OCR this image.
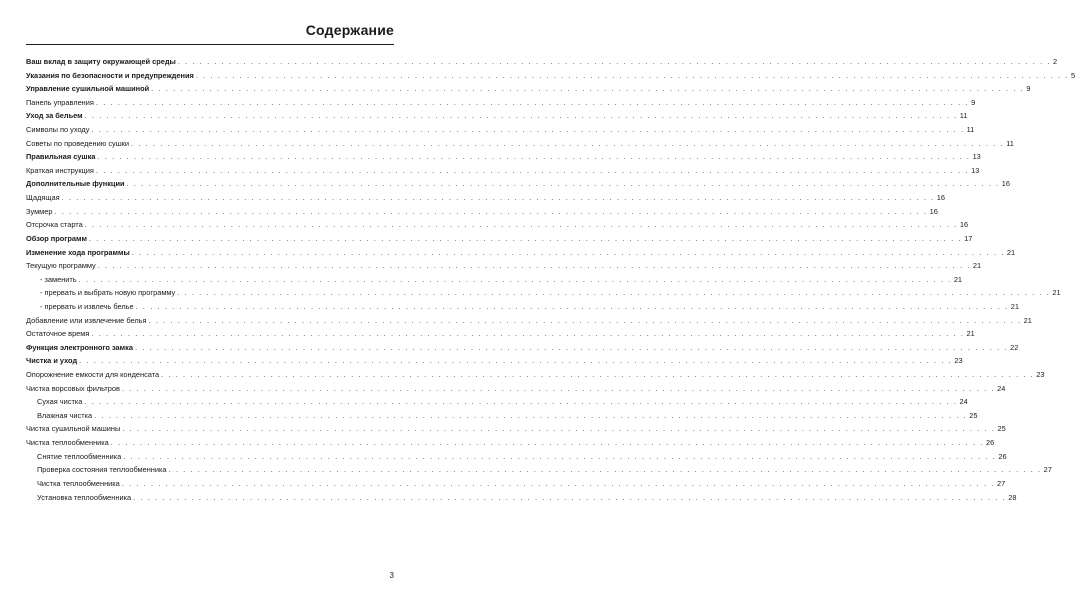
Содержание
Ваш вклад в защиту окружающей среды . . . . . . . . . . . . . . . . . . . . . . . . . . . . . . . . . . . . . . . . . . . . . . . . . . . . . . . . . . . . . . . . . . . . . . . . . . . . . . . . . . . . . . . . . . . . . . . . . . . . . . . . . . . . . . . . . . . . . . . . 2
Указания по безопасности и предупреждения . . . . . . . . . . . . . . . . . . . . . . . . . . . . . . . . . . . . . . . . . . . . . . . . . . . . . . . . . . . . . . . . . . . . . . . . . . . . . . . . . . . . . . . . . . . . . . . . . . . . . . . . . . . . . . . . . . . . . . . . 5
Управление сушильной машиной . . . . . . . . . . . . . . . . . . . . . . . . . . . . . . . . . . . . . . . . . . . . . . . . . . . . . . . . . . . . . . . . . . . . . . . . . . . . . . . . . . . . . . . . . . . . . . . . . . . . . . . . . . . . . . . . . . . . . . . . 9
Панель управления . . . . . . . . . . . . . . . . . . . . . . . . . . . . . . . . . . . . . . . . . . . . . . . . . . . . . . . . . . . . . . . . . . . . . . . . . . . . . . . . . . . . . . . . . . . . . . . . . . . . . . . . . . . . . . . . . . . . . . . . 9
Уход за бельем . . . . . . . . . . . . . . . . . . . . . . . . . . . . . . . . . . . . . . . . . . . . . . . . . . . . . . . . . . . . . . . . . . . . . . . . . . . . . . . . . . . . . . . . . . . . . . . . . . . . . . . . . . . . . . . . . . . . . . . . 11
Символы по уходу . . . . . . . . . . . . . . . . . . . . . . . . . . . . . . . . . . . . . . . . . . . . . . . . . . . . . . . . . . . . . . . . . . . . . . . . . . . . . . . . . . . . . . . . . . . . . . . . . . . . . . . . . . . . . . . . . . . . . . . . 11
Советы по проведению сушки . . . . . . . . . . . . . . . . . . . . . . . . . . . . . . . . . . . . . . . . . . . . . . . . . . . . . . . . . . . . . . . . . . . . . . . . . . . . . . . . . . . . . . . . . . . . . . . . . . . . . . . . . . . . . . . . . . . . . . . . 11
Правильная сушка . . . . . . . . . . . . . . . . . . . . . . . . . . . . . . . . . . . . . . . . . . . . . . . . . . . . . . . . . . . . . . . . . . . . . . . . . . . . . . . . . . . . . . . . . . . . . . . . . . . . . . . . . . . . . . . . . . . . . . . . 13
Краткая инструкция . . . . . . . . . . . . . . . . . . . . . . . . . . . . . . . . . . . . . . . . . . . . . . . . . . . . . . . . . . . . . . . . . . . . . . . . . . . . . . . . . . . . . . . . . . . . . . . . . . . . . . . . . . . . . . . . . . . . . . . . 13
Дополнительные функции . . . . . . . . . . . . . . . . . . . . . . . . . . . . . . . . . . . . . . . . . . . . . . . . . . . . . . . . . . . . . . . . . . . . . . . . . . . . . . . . . . . . . . . . . . . . . . . . . . . . . . . . . . . . . . . . . . . . . . . . 16
Щадящая . . . . . . . . . . . . . . . . . . . . . . . . . . . . . . . . . . . . . . . . . . . . . . . . . . . . . . . . . . . . . . . . . . . . . . . . . . . . . . . . . . . . . . . . . . . . . . . . . . . . . . . . . . . . . . . . . . . . . . . . 16
Зуммер . . . . . . . . . . . . . . . . . . . . . . . . . . . . . . . . . . . . . . . . . . . . . . . . . . . . . . . . . . . . . . . . . . . . . . . . . . . . . . . . . . . . . . . . . . . . . . . . . . . . . . . . . . . . . . . . . . . . . . . . 16
Отсрочка старта . . . . . . . . . . . . . . . . . . . . . . . . . . . . . . . . . . . . . . . . . . . . . . . . . . . . . . . . . . . . . . . . . . . . . . . . . . . . . . . . . . . . . . . . . . . . . . . . . . . . . . . . . . . . . . . . . . . . . . . . 16
Обзор программ . . . . . . . . . . . . . . . . . . . . . . . . . . . . . . . . . . . . . . . . . . . . . . . . . . . . . . . . . . . . . . . . . . . . . . . . . . . . . . . . . . . . . . . . . . . . . . . . . . . . . . . . . . . . . . . . . . . . . . . . 17
Изменение хода программы . . . . . . . . . . . . . . . . . . . . . . . . . . . . . . . . . . . . . . . . . . . . . . . . . . . . . . . . . . . . . . . . . . . . . . . . . . . . . . . . . . . . . . . . . . . . . . . . . . . . . . . . . . . . . . . . . . . . . . . . 21
Текущую программу . . . . . . . . . . . . . . . . . . . . . . . . . . . . . . . . . . . . . . . . . . . . . . . . . . . . . . . . . . . . . . . . . . . . . . . . . . . . . . . . . . . . . . . . . . . . . . . . . . . . . . . . . . . . . . . . . . . . . . . . 21
- заменить . . . . . . . . . . . . . . . . . . . . . . . . . . . . . . . . . . . . . . . . . . . . . . . . . . . . . . . . . . . . . . . . . . . . . . . . . . . . . . . . . . . . . . . . . . . . . . . . . . . . . . . . . . . . . . . . . . . . . . . . 21
- прервать и выбрать новую программу . . . . . . . . . . . . . . . . . . . . . . . . . . . . . . . . . . . . . . . . . . . . . . . . . . . . . . . . . . . . . . . . . . . . . . . . . . . . . . . . . . . . . . . . . . . . . . . . . . . . . . . . . . . . . . . . . . . . . . . . 21
- прервать и извлечь белье . . . . . . . . . . . . . . . . . . . . . . . . . . . . . . . . . . . . . . . . . . . . . . . . . . . . . . . . . . . . . . . . . . . . . . . . . . . . . . . . . . . . . . . . . . . . . . . . . . . . . . . . . . . . . . . . . . . . . . . . 21
Добавление или извлечение белья . . . . . . . . . . . . . . . . . . . . . . . . . . . . . . . . . . . . . . . . . . . . . . . . . . . . . . . . . . . . . . . . . . . . . . . . . . . . . . . . . . . . . . . . . . . . . . . . . . . . . . . . . . . . . . . . . . . . . . . . 21
Остаточное время . . . . . . . . . . . . . . . . . . . . . . . . . . . . . . . . . . . . . . . . . . . . . . . . . . . . . . . . . . . . . . . . . . . . . . . . . . . . . . . . . . . . . . . . . . . . . . . . . . . . . . . . . . . . . . . . . . . . . . . . 21
Функция электронного замка . . . . . . . . . . . . . . . . . . . . . . . . . . . . . . . . . . . . . . . . . . . . . . . . . . . . . . . . . . . . . . . . . . . . . . . . . . . . . . . . . . . . . . . . . . . . . . . . . . . . . . . . . . . . . . . . . . . . . . . . 22
Чистка и уход . . . . . . . . . . . . . . . . . . . . . . . . . . . . . . . . . . . . . . . . . . . . . . . . . . . . . . . . . . . . . . . . . . . . . . . . . . . . . . . . . . . . . . . . . . . . . . . . . . . . . . . . . . . . . . . . . . . . . . . . 23
Опорожнение емкости для конденсата . . . . . . . . . . . . . . . . . . . . . . . . . . . . . . . . . . . . . . . . . . . . . . . . . . . . . . . . . . . . . . . . . . . . . . . . . . . . . . . . . . . . . . . . . . . . . . . . . . . . . . . . . . . . . . . . . . . . . . . . 23
Чистка ворсовых фильтров . . . . . . . . . . . . . . . . . . . . . . . . . . . . . . . . . . . . . . . . . . . . . . . . . . . . . . . . . . . . . . . . . . . . . . . . . . . . . . . . . . . . . . . . . . . . . . . . . . . . . . . . . . . . . . . . . . . . . . . . 24
Сухая чистка . . . . . . . . . . . . . . . . . . . . . . . . . . . . . . . . . . . . . . . . . . . . . . . . . . . . . . . . . . . . . . . . . . . . . . . . . . . . . . . . . . . . . . . . . . . . . . . . . . . . . . . . . . . . . . . . . . . . . . . . 24
Влажная чистка . . . . . . . . . . . . . . . . . . . . . . . . . . . . . . . . . . . . . . . . . . . . . . . . . . . . . . . . . . . . . . . . . . . . . . . . . . . . . . . . . . . . . . . . . . . . . . . . . . . . . . . . . . . . . . . . . . . . . . . . 25
Чистка сушильной машины . . . . . . . . . . . . . . . . . . . . . . . . . . . . . . . . . . . . . . . . . . . . . . . . . . . . . . . . . . . . . . . . . . . . . . . . . . . . . . . . . . . . . . . . . . . . . . . . . . . . . . . . . . . . . . . . . . . . . . . . 25
Чистка теплообменника . . . . . . . . . . . . . . . . . . . . . . . . . . . . . . . . . . . . . . . . . . . . . . . . . . . . . . . . . . . . . . . . . . . . . . . . . . . . . . . . . . . . . . . . . . . . . . . . . . . . . . . . . . . . . . . . . . . . . . . . 26
Снятие теплообменника . . . . . . . . . . . . . . . . . . . . . . . . . . . . . . . . . . . . . . . . . . . . . . . . . . . . . . . . . . . . . . . . . . . . . . . . . . . . . . . . . . . . . . . . . . . . . . . . . . . . . . . . . . . . . . . . . . . . . . . . 26
Проверка состояния теплообменника . . . . . . . . . . . . . . . . . . . . . . . . . . . . . . . . . . . . . . . . . . . . . . . . . . . . . . . . . . . . . . . . . . . . . . . . . . . . . . . . . . . . . . . . . . . . . . . . . . . . . . . . . . . . . . . . . . . . . . . . 27
Чистка теплообменника . . . . . . . . . . . . . . . . . . . . . . . . . . . . . . . . . . . . . . . . . . . . . . . . . . . . . . . . . . . . . . . . . . . . . . . . . . . . . . . . . . . . . . . . . . . . . . . . . . . . . . . . . . . . . . . . . . . . . . . . 27
Установка теплообменника . . . . . . . . . . . . . . . . . . . . . . . . . . . . . . . . . . . . . . . . . . . . . . . . . . . . . . . . . . . . . . . . . . . . . . . . . . . . . . . . . . . . . . . . . . . . . . . . . . . . . . . . . . . . . . . . . . . . . . . . 28
3
